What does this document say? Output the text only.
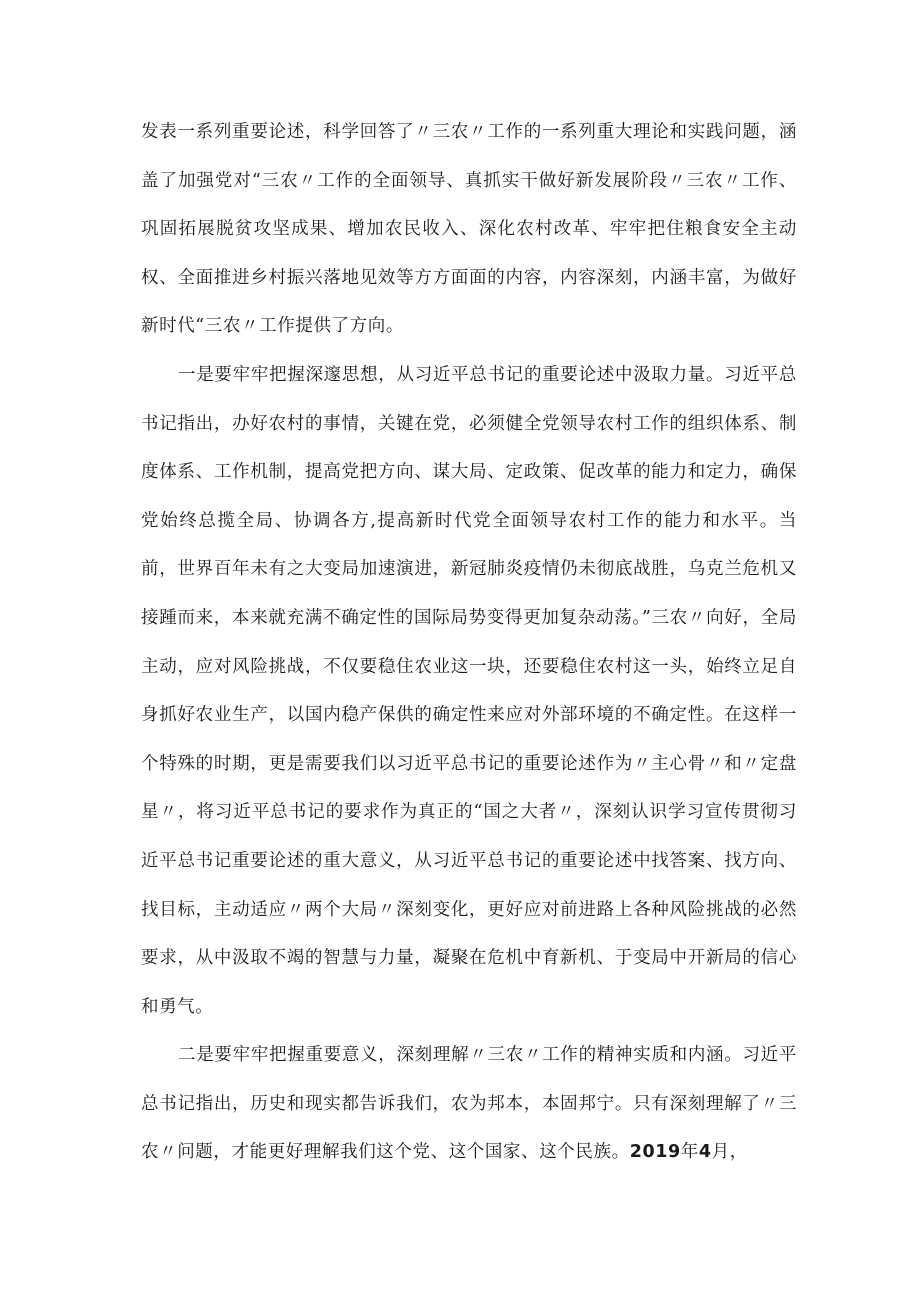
发表一系列重要论述，科学回答了〃三农〃工作的一系列重大理论和实践问题，涵盖了加强党对“三农〃工作的全面领导、真抓实干做好新发展阶段〃三农〃工作、巩固拓展脱贫攻坚成果、增加农民收入、深化农村改革、牢牢把住粮食安全主动权、全面推进乡村振兴落地见效等方方面面的内容，内容深刻，内涵丰富，为做好新时代“三农〃工作提供了方向。

一是要牢牢把握深邃思想，从习近平总书记的重要论述中汲取力量。习近平总书记指出，办好农村的事情，关键在党，必须健全党领导农村工作的组织体系、制度体系、工作机制，提高党把方向、谋大局、定政策、促改革的能力和定力，确保党始终总揽全局、协调各方,提高新时代党全面领导农村工作的能力和水平。当前，世界百年未有之大变局加速演进，新冠肺炎疫情仍未彻底战胜，乌克兰危机又接踵而来，本来就充满不确定性的国际局势变得更加复杂动荡。”三农〃向好，全局主动，应对风险挑战，不仅要稳住农业这一块，还要稳住农村这一头，始终立足自身抓好农业生产，以国内稳产保供的确定性来应对外部环境的不确定性。在这样一个特殊的时期，更是需要我们以习近平总书记的重要论述作为〃主心骨〃和〃定盘星〃，将习近平总书记的要求作为真正的“国之大者〃，深刻认识学习宣传贯彻习近平总书记重要论述的重大意义，从习近平总书记的重要论述中找答案、找方向、找目标，主动适应〃两个大局〃深刻变化，更好应对前进路上各种风险挑战的必然要求，从中汲取不竭的智慧与力量，凝聚在危机中育新机、于变局中开新局的信心和勇气。

二是要牢牢把握重要意义，深刻理解〃三农〃工作的精神实质和内涵。习近平总书记指出，历史和现实都告诉我们，农为邦本，本固邦宁。只有深刻理解了〃三农〃问题，才能更好理解我们这个党、这个国家、这个民族。2019年4月，
